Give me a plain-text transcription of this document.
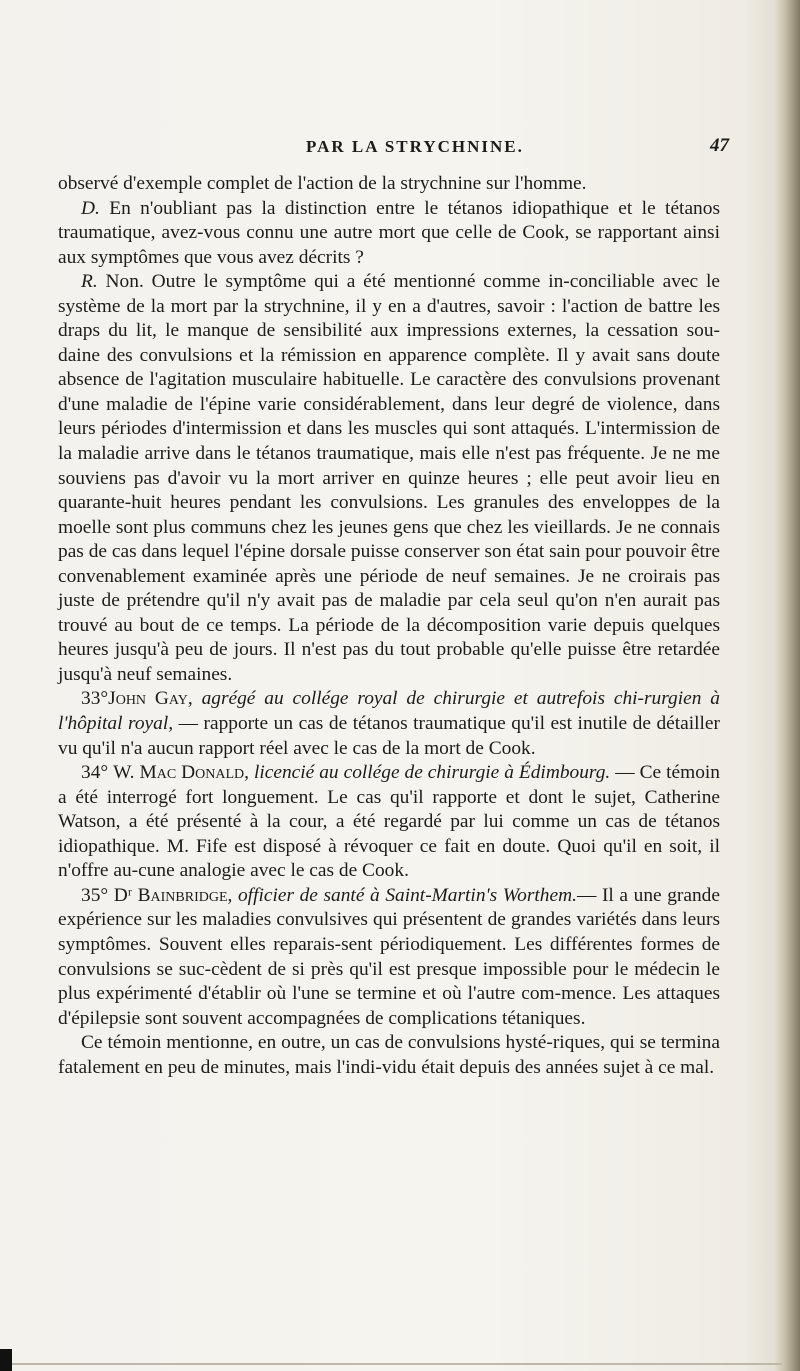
PAR LA STRYCHNINE.	47

observé d'exemple complet de l'action de la strychnine sur l'homme.

D. En n'oubliant pas la distinction entre le tétanos idiopathique et le tétanos traumatique, avez-vous connu une autre mort que celle de Cook, se rapportant ainsi aux symptômes que vous avez décrits ?

R. Non. Outre le symptôme qui a été mentionné comme in-conciliable avec le système de la mort par la strychnine, il y en a d'autres, savoir : l'action de battre les draps du lit, le manque de sensibilité aux impressions externes, la cessation sou-daine des convulsions et la rémission en apparence complète. Il y avait sans doute absence de l'agitation musculaire habituelle. Le caractère des convulsions provenant d'une maladie de l'épine varie considérablement, dans leur degré de violence, dans leurs périodes d'intermission et dans les muscles qui sont attaqués. L'intermission de la maladie arrive dans le tétanos traumatique, mais elle n'est pas fréquente. Je ne me souviens pas d'avoir vu la mort arriver en quinze heures ; elle peut avoir lieu en quarante-huit heures pendant les convulsions. Les granules des enveloppes de la moelle sont plus communs chez les jeunes gens que chez les vieillards. Je ne connais pas de cas dans lequel l'épine dorsale puisse conserver son état sain pour pouvoir être convenablement examinée après une période de neuf semaines. Je ne croirais pas juste de prétendre qu'il n'y avait pas de maladie par cela seul qu'on n'en aurait pas trouvé au bout de ce temps. La période de la décomposition varie depuis quelques heures jusqu'à peu de jours. Il n'est pas du tout probable qu'elle puisse être retardée jusqu'à neuf semaines.

33°John Gay, agrégé au collége royal de chirurgie et autrefois chi-rurgien à l'hôpital royal, — rapporte un cas de tétanos traumatique qu'il est inutile de détailler vu qu'il n'a aucun rapport réel avec le cas de la mort de Cook.

34° W. Mac Donald, licencié au collége de chirurgie à Édimbourg. — Ce témoin a été interrogé fort longuement. Le cas qu'il rapporte et dont le sujet, Catherine Watson, a été présenté à la cour, a été regardé par lui comme un cas de tétanos idiopathique. M. Fife est disposé à révoquer ce fait en doute. Quoi qu'il en soit, il n'offre au-cune analogie avec le cas de Cook.

35° Dʳ Bainbridge, officier de santé à Saint-Martin's Worthem.— Il a une grande expérience sur les maladies convulsives qui présentent de grandes variétés dans leurs symptômes. Souvent elles reparais-sent périodiquement. Les différentes formes de convulsions se suc-cèdent de si près qu'il est presque impossible pour le médecin le plus expérimenté d'établir où l'une se termine et où l'autre com-mence. Les attaques d'épilepsie sont souvent accompagnées de complications tétaniques.

Ce témoin mentionne, en outre, un cas de convulsions hysté-riques, qui se termina fatalement en peu de minutes, mais l'indi-vidu était depuis des années sujet à ce mal.
